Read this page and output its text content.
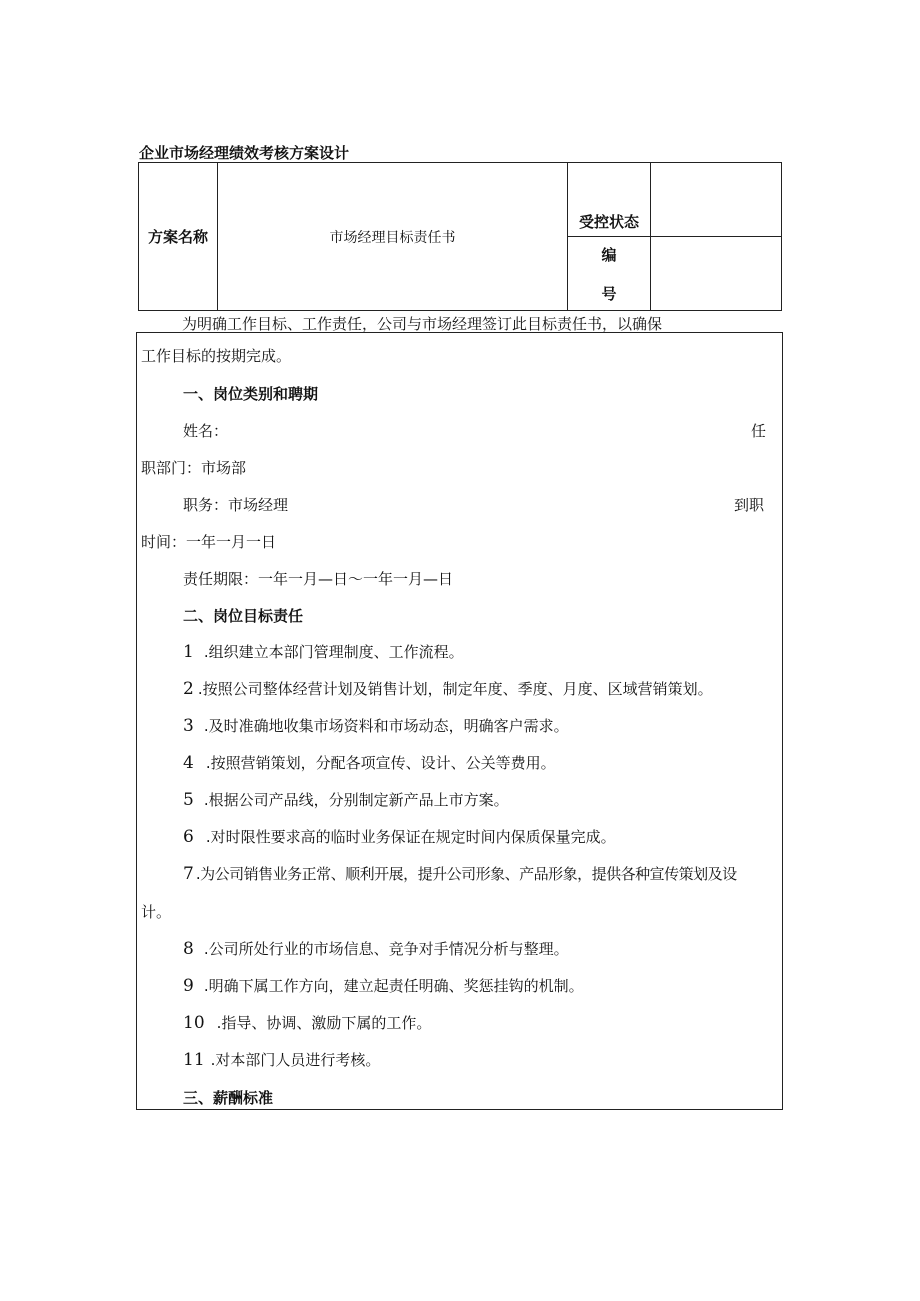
企业市场经理绩效考核方案设计
方案名称	市场经理目标责任书	受控状态	

		编
号	

为明确工作目标、工作责任，公司与市场经理签订此目标责任书，以确保
工作目标的按期完成。
一、岗位类别和聘期
姓名：	任
职部门：市场部
职务：市场经理	到职
时间：一年一月一日
责任期限：一年一月—日～一年一月—日
二、岗位目标责任
1 .组织建立本部门管理制度、工作流程。
2 .按照公司整体经营计划及销售计划，制定年度、季度、月度、区域营销策划。
3 .及时准确地收集市场资料和市场动态，明确客户需求。
4 .按照营销策划，分配各项宣传、设计、公关等费用。
5 .根据公司产品线，分别制定新产品上市方案。
6 .对时限性要求高的临时业务保证在规定时间内保质保量完成。
7 .为公司销售业务正常、顺利开展，提升公司形象、产品形象，提供各种宣传策划及设
计。
8 .公司所处行业的市场信息、竞争对手情况分析与整理。
9 .明确下属工作方向，建立起责任明确、奖惩挂钩的机制。
10 .指导、协调、激励下属的工作。
11 .对本部门人员进行考核。
三、薪酬标准
